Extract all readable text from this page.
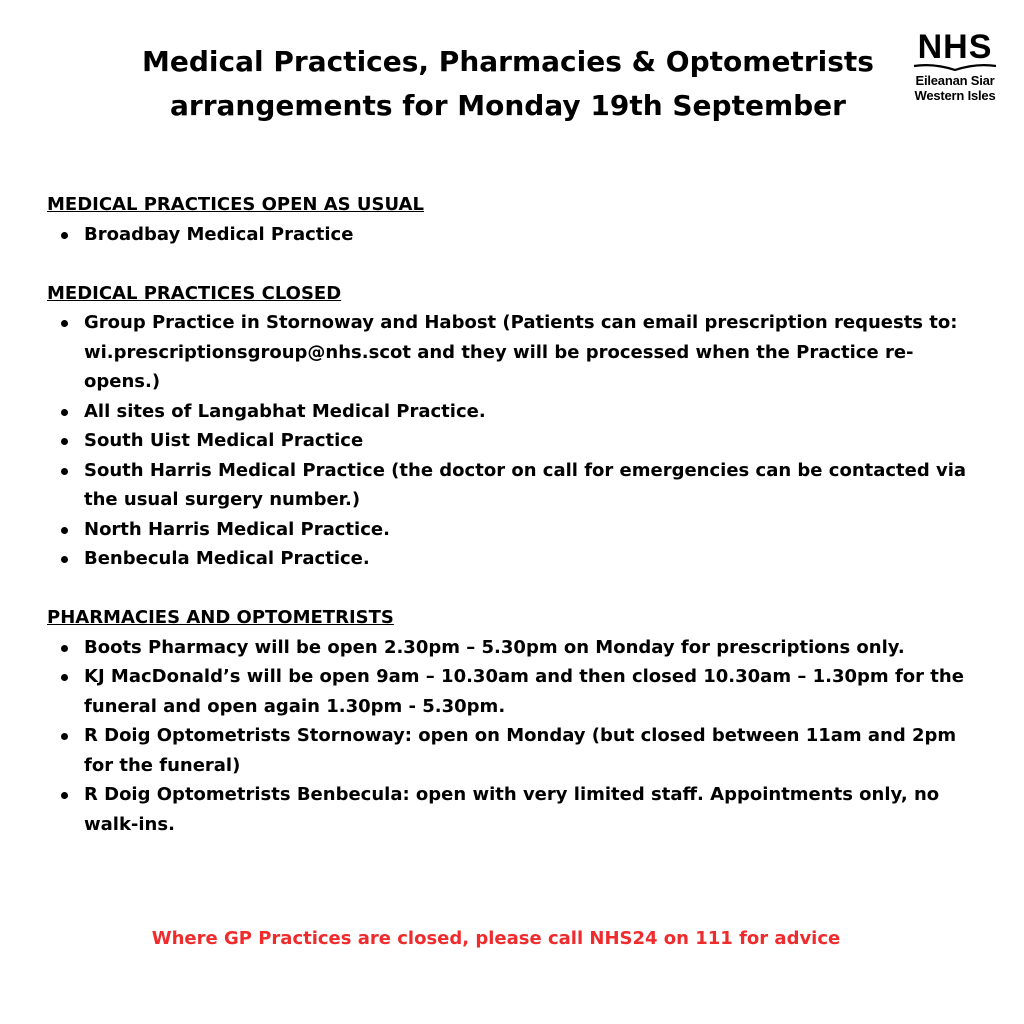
Medical Practices, Pharmacies & Optometrists
arrangements for Monday 19th September
NHS
Eileanan Siar
Western Isles

MEDICAL PRACTICES OPEN AS USUAL

Broadbay Medical Practice

MEDICAL PRACTICES CLOSED

Group Practice in Stornoway and Habost (Patients can email prescription requests to: wi.prescriptionsgroup@nhs.scot and they will be processed when the Practice re-opens.)
All sites of Langabhat Medical Practice.
South Uist Medical Practice
South Harris Medical Practice (the doctor on call for emergencies can be contacted via the usual surgery number.)
North Harris Medical Practice.
Benbecula Medical Practice.

PHARMACIES AND OPTOMETRISTS

Boots Pharmacy will be open 2.30pm – 5.30pm on Monday for prescriptions only.
KJ MacDonald’s will be open 9am – 10.30am and then closed 10.30am – 1.30pm for the funeral and open again 1.30pm - 5.30pm.
R Doig Optometrists Stornoway: open on Monday (but closed between 11am and 2pm for the funeral)
R Doig Optometrists Benbecula: open with very limited staff. Appointments only, no walk-ins.
Where GP Practices are closed, please call NHS24 on 111 for advice
